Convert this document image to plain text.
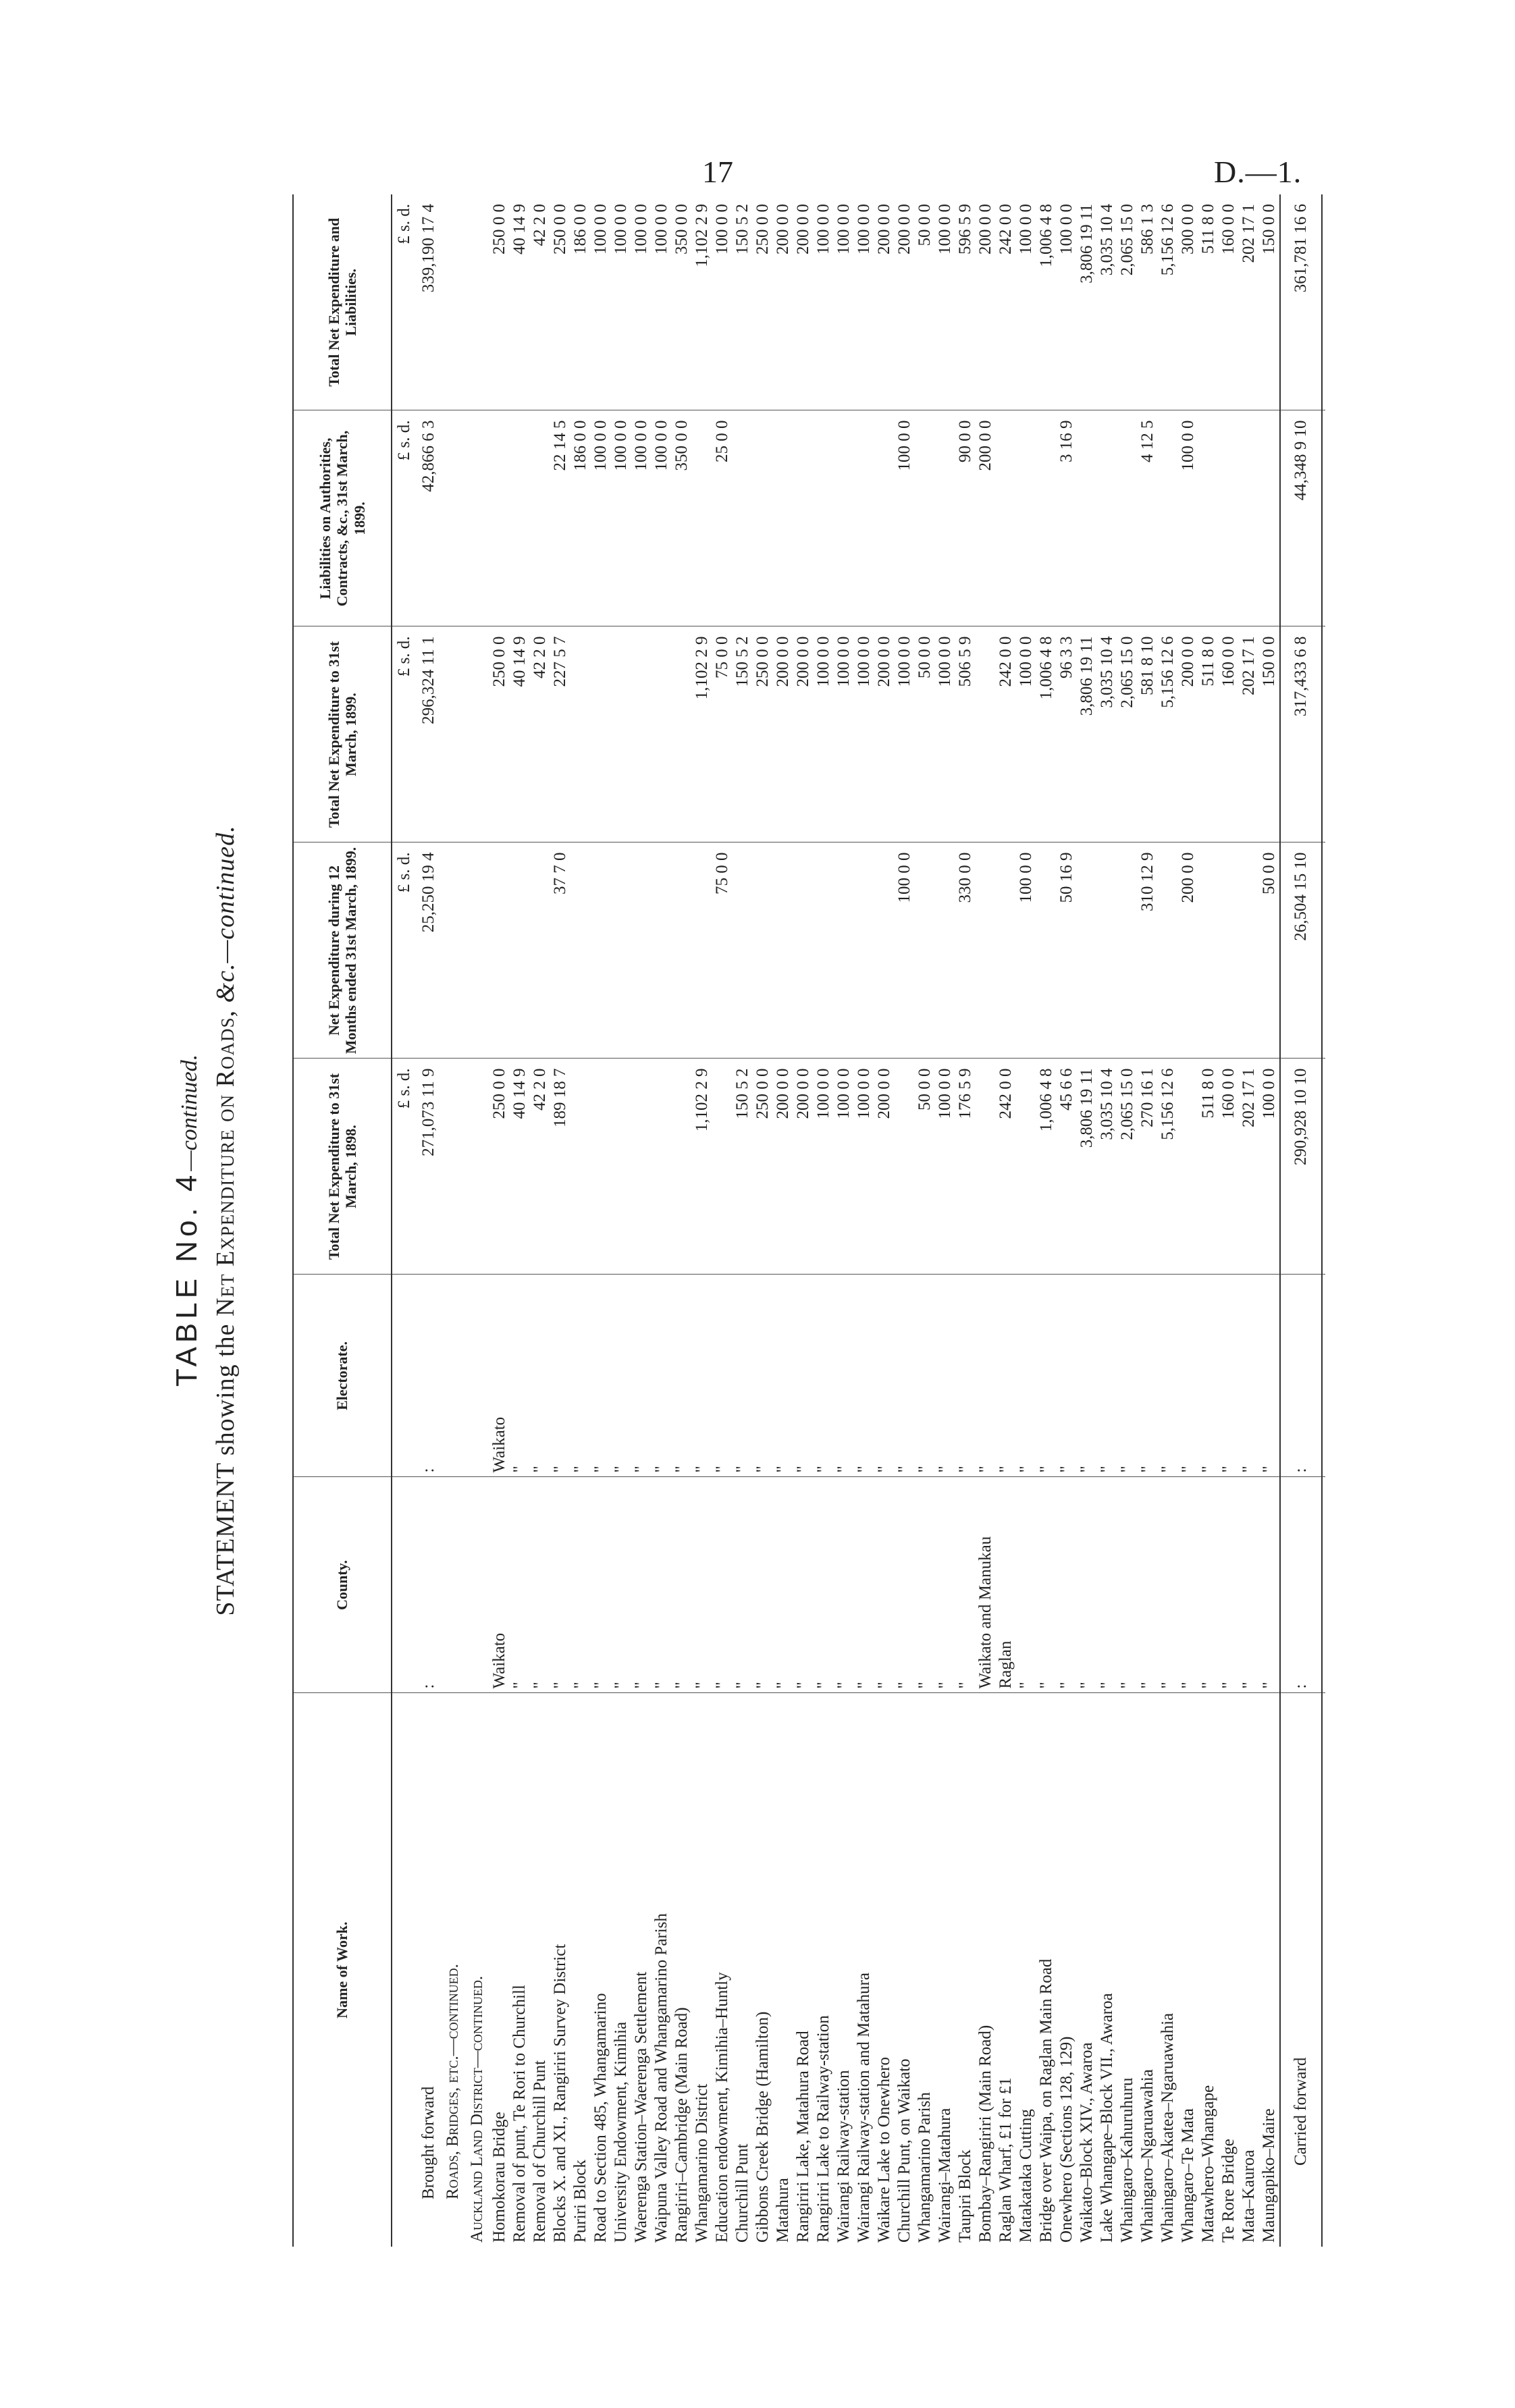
17	D.—1.
TABLE No. 4—continued.
STATEMENT showing the Net Expenditure on Roads, &c.—continued.
Name of Work.	County.	Electorate.	Total Net Expenditure to 31st March, 1898.	Net Expenditure during 12 Months ended 31st March, 1899.	Total Net Expenditure to 31st March, 1899.	Liabilities on Authorities, Contracts, &c., 31st March, 1899.	Total Net Expenditure and Liabilities.
			£ s. d.	£ s. d.	£ s. d.	£ s. d.	£ s. d.
Brought forward	:	:	271,073 11 9	25,250 19 4	296,324 11 1	42,866 6 3	339,190 17 4
Roads, Bridges, etc.—continued.							
Auckland Land District—continued.							
Homokorau Bridge	Waikato	Waikato	250 0 0		250 0 0		250 0 0
Removal of punt, Te Rori to Churchill	"	"	40 14 9		40 14 9		40 14 9
Removal of Churchill Punt	"	"	42 2 0		42 2 0		42 2 0
Blocks X. and XI., Rangiriri Survey District	"	"	189 18 7	37 7 0	227 5 7	22 14 5	250 0 0
Puriri Block	"	"				186 0 0	186 0 0
Road to Section 485, Whangamarino	"	"				100 0 0	100 0 0
University Endowment, Kimihia	"	"				100 0 0	100 0 0
Waerenga Station–Waerenga Settlement	"	"				100 0 0	100 0 0
Waipuna Valley Road and Whangamarino Parish	"	"				100 0 0	100 0 0
Rangiriri–Cambridge (Main Road)	"	"				350 0 0	350 0 0
Whangamarino District	"	"	1,102 2 9		1,102 2 9		1,102 2 9
Education endowment, Kimihia–Huntly	"	"		75 0 0	75 0 0	25 0 0	100 0 0
Churchill Punt	"	"	150 5 2		150 5 2		150 5 2
Gibbons Creek Bridge (Hamilton)	"	"	250 0 0		250 0 0		250 0 0
Matahura	"	"	200 0 0		200 0 0		200 0 0
Rangiriri Lake, Matahura Road	"	"	200 0 0		200 0 0		200 0 0
Rangiriri Lake to Railway-station	"	"	100 0 0		100 0 0		100 0 0
Wairangi Railway-station	"	"	100 0 0		100 0 0		100 0 0
Wairangi Railway-station and Matahura	"	"	100 0 0		100 0 0		100 0 0
Waikare Lake to Onewhero	"	"	200 0 0		200 0 0		200 0 0
Churchill Punt, on Waikato	"	"		100 0 0	100 0 0	100 0 0	200 0 0
Whangamarino Parish	"	"	50 0 0		50 0 0		50 0 0
Wairangi–Matahura	"	"	100 0 0		100 0 0		100 0 0
Taupiri Block	"	"	176 5 9	330 0 0	506 5 9	90 0 0	596 5 9
Bombay–Rangiriri (Main Road)	Waikato and Manukau	"				200 0 0	200 0 0
Raglan Wharf, £1 for £1	Raglan	"	242 0 0		242 0 0		242 0 0
Matakataka Cutting	"	"		100 0 0	100 0 0		100 0 0
Bridge over Waipa, on Raglan Main Road	"	"	1,006 4 8		1,006 4 8		1,006 4 8
Onewhero (Sections 128, 129)	"	"	45 6 6	50 16 9	96 3 3	3 16 9	100 0 0
Waikato–Block XIV., Awaroa	"	"	3,806 19 11		3,806 19 11		3,806 19 11
Lake Whangape–Block VII., Awaroa	"	"	3,035 10 4		3,035 10 4		3,035 10 4
Whaingaro–Kahuruhuru	"	"	2,065 15 0		2,065 15 0		2,065 15 0
Whaingaro–Ngaruawahia	"	"	270 16 1	310 12 9	581 8 10	4 12 5	586 1 3
Whaingaro–Akatea–Ngaruawahia	"	"	5,156 12 6		5,156 12 6		5,156 12 6
Whangaro–Te Mata	"	"		200 0 0	200 0 0	100 0 0	300 0 0
Matawhero–Whangape	"	"	511 8 0		511 8 0		511 8 0
Te Rore Bridge	"	"	160 0 0		160 0 0		160 0 0
Mata–Kauroa	"	"	202 17 1		202 17 1		202 17 1
Maungapiko–Maire	"	"	100 0 0	50 0 0	150 0 0		150 0 0
Carried forward	:	:	290,928 10 10	26,504 15 10	317,433 6 8	44,348 9 10	361,781 16 6
